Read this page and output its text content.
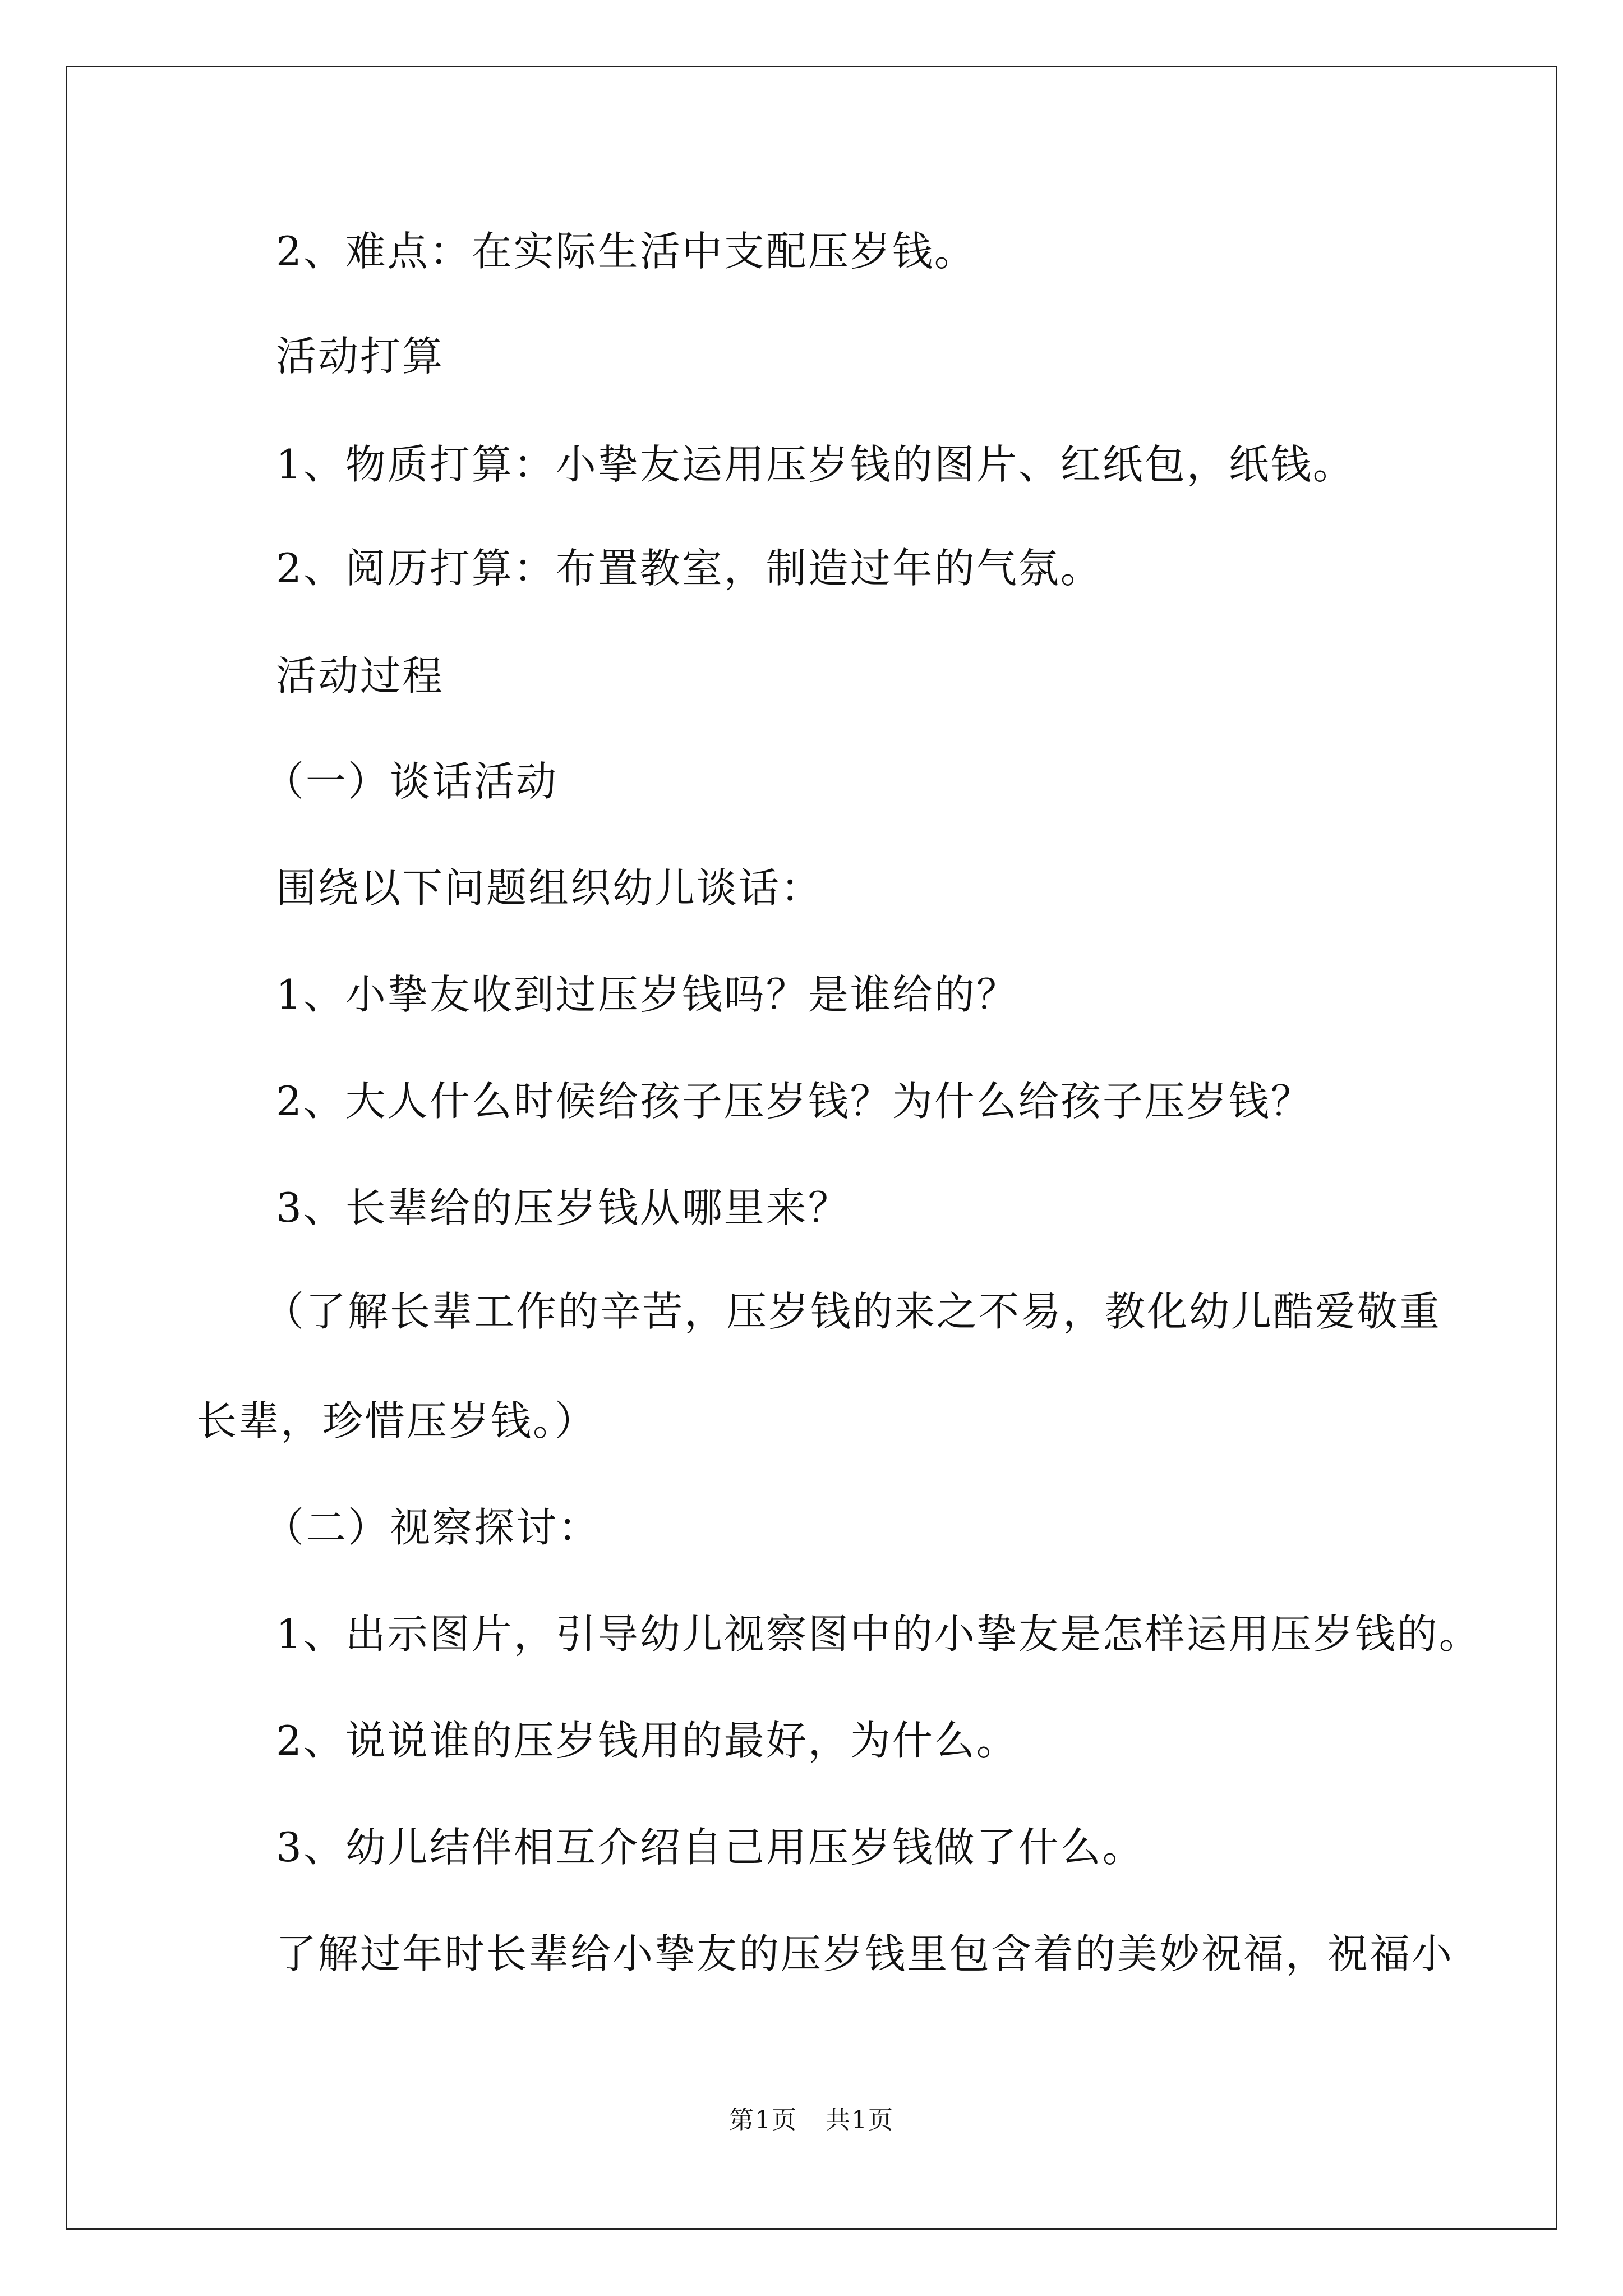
2、难点：在实际生活中支配压岁钱。
活动打算
1、物质打算：小挚友运用压岁钱的图片、红纸包，纸钱。
2、阅历打算：布置教室，制造过年的气氛。
活动过程
（一）谈话活动
围绕以下问题组织幼儿谈话：
1、小挚友收到过压岁钱吗？是谁给的？
2、大人什么时候给孩子压岁钱？为什么给孩子压岁钱？
3、长辈给的压岁钱从哪里来？
（了解长辈工作的辛苦，压岁钱的来之不易，教化幼儿酷爱敬重
长辈，珍惜压岁钱。）
（二）视察探讨：
1、出示图片，引导幼儿视察图中的小挚友是怎样运用压岁钱的。
2、说说谁的压岁钱用的最好，为什么。
3、幼儿结伴相互介绍自己用压岁钱做了什么。
了解过年时长辈给小挚友的压岁钱里包含着的美妙祝福，祝福小
第1页 共1页
